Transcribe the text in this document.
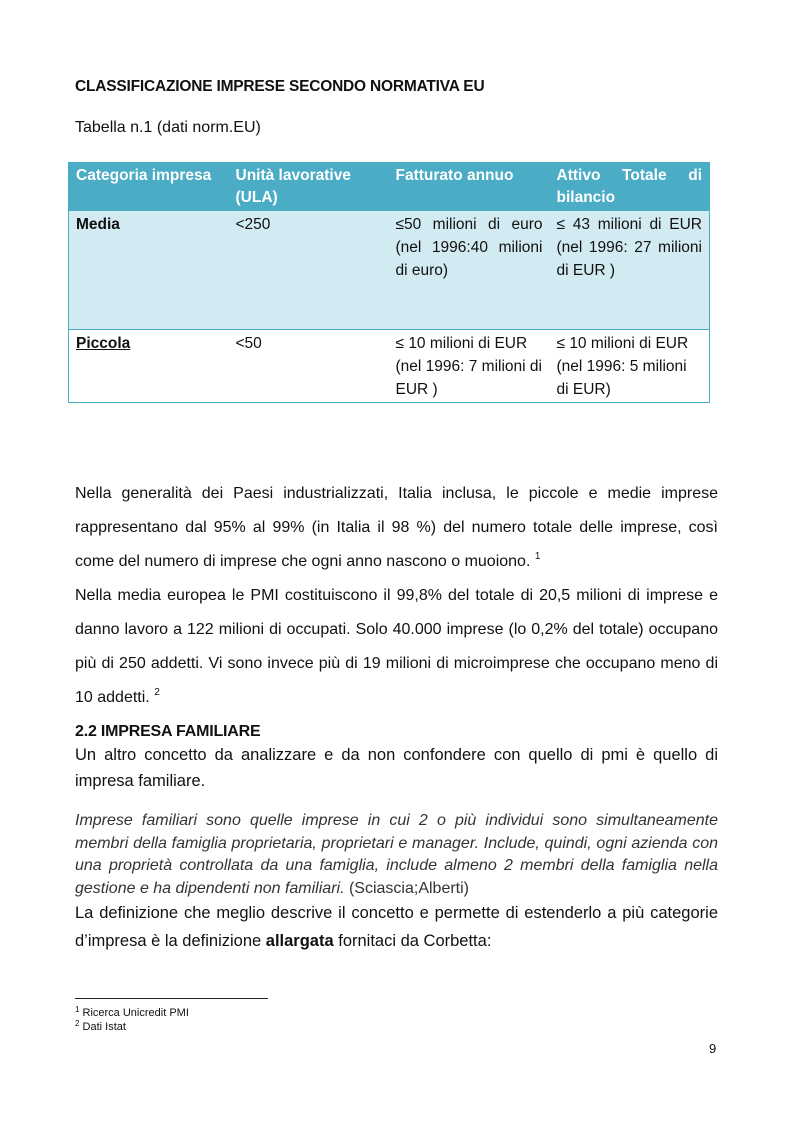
CLASSIFICAZIONE IMPRESE SECONDO NORMATIVA EU
Tabella n.1 (dati norm.EU)
Categoria impresa	Unità lavorative (ULA)	Fatturato annuo	Attivo Totale di bilancio
Media	<250	≤50 milioni di euro (nel 1996:40 milioni di euro)	≤ 43 milioni di EUR (nel 1996: 27 milioni di EUR )
Piccola	<50	≤ 10 milioni di EUR (nel 1996: 7 milioni di EUR )	≤ 10 milioni di EUR (nel 1996: 5 milioni di EUR)
Nella generalità dei Paesi industrializzati, Italia inclusa, le piccole e medie imprese rappresentano dal 95% al 99% (in Italia il 98 %) del numero totale delle imprese, così come del numero di imprese che ogni anno nascono o muoiono. $^1$
Nella media europea le PMI costituiscono il 99,8% del totale di 20,5 milioni di imprese e danno lavoro a 122 milioni di occupati. Solo 40.000 imprese (lo 0,2% del totale) occupano più di 250 addetti. Vi sono invece più di 19 milioni di microimprese che occupano meno di 10 addetti. $^2$
2.2 IMPRESA FAMILIARE
Un altro concetto da analizzare e da non confondere con quello di pmi è quello di impresa familiare.
Imprese familiari sono quelle imprese in cui 2 o più individui sono simultaneamente membri della famiglia proprietaria, proprietari e manager. Include, quindi, ogni azienda con una proprietà controllata da una famiglia, include almeno 2 membri della famiglia nella gestione e ha dipendenti non familiari. (Sciascia;Alberti)
La definizione che meglio descrive il concetto e permette di estenderlo a più categorie d’impresa è la definizione allargata fornitaci da Corbetta:
$^1$ Ricerca Unicredit PMI
$^2$ Dati Istat
9
